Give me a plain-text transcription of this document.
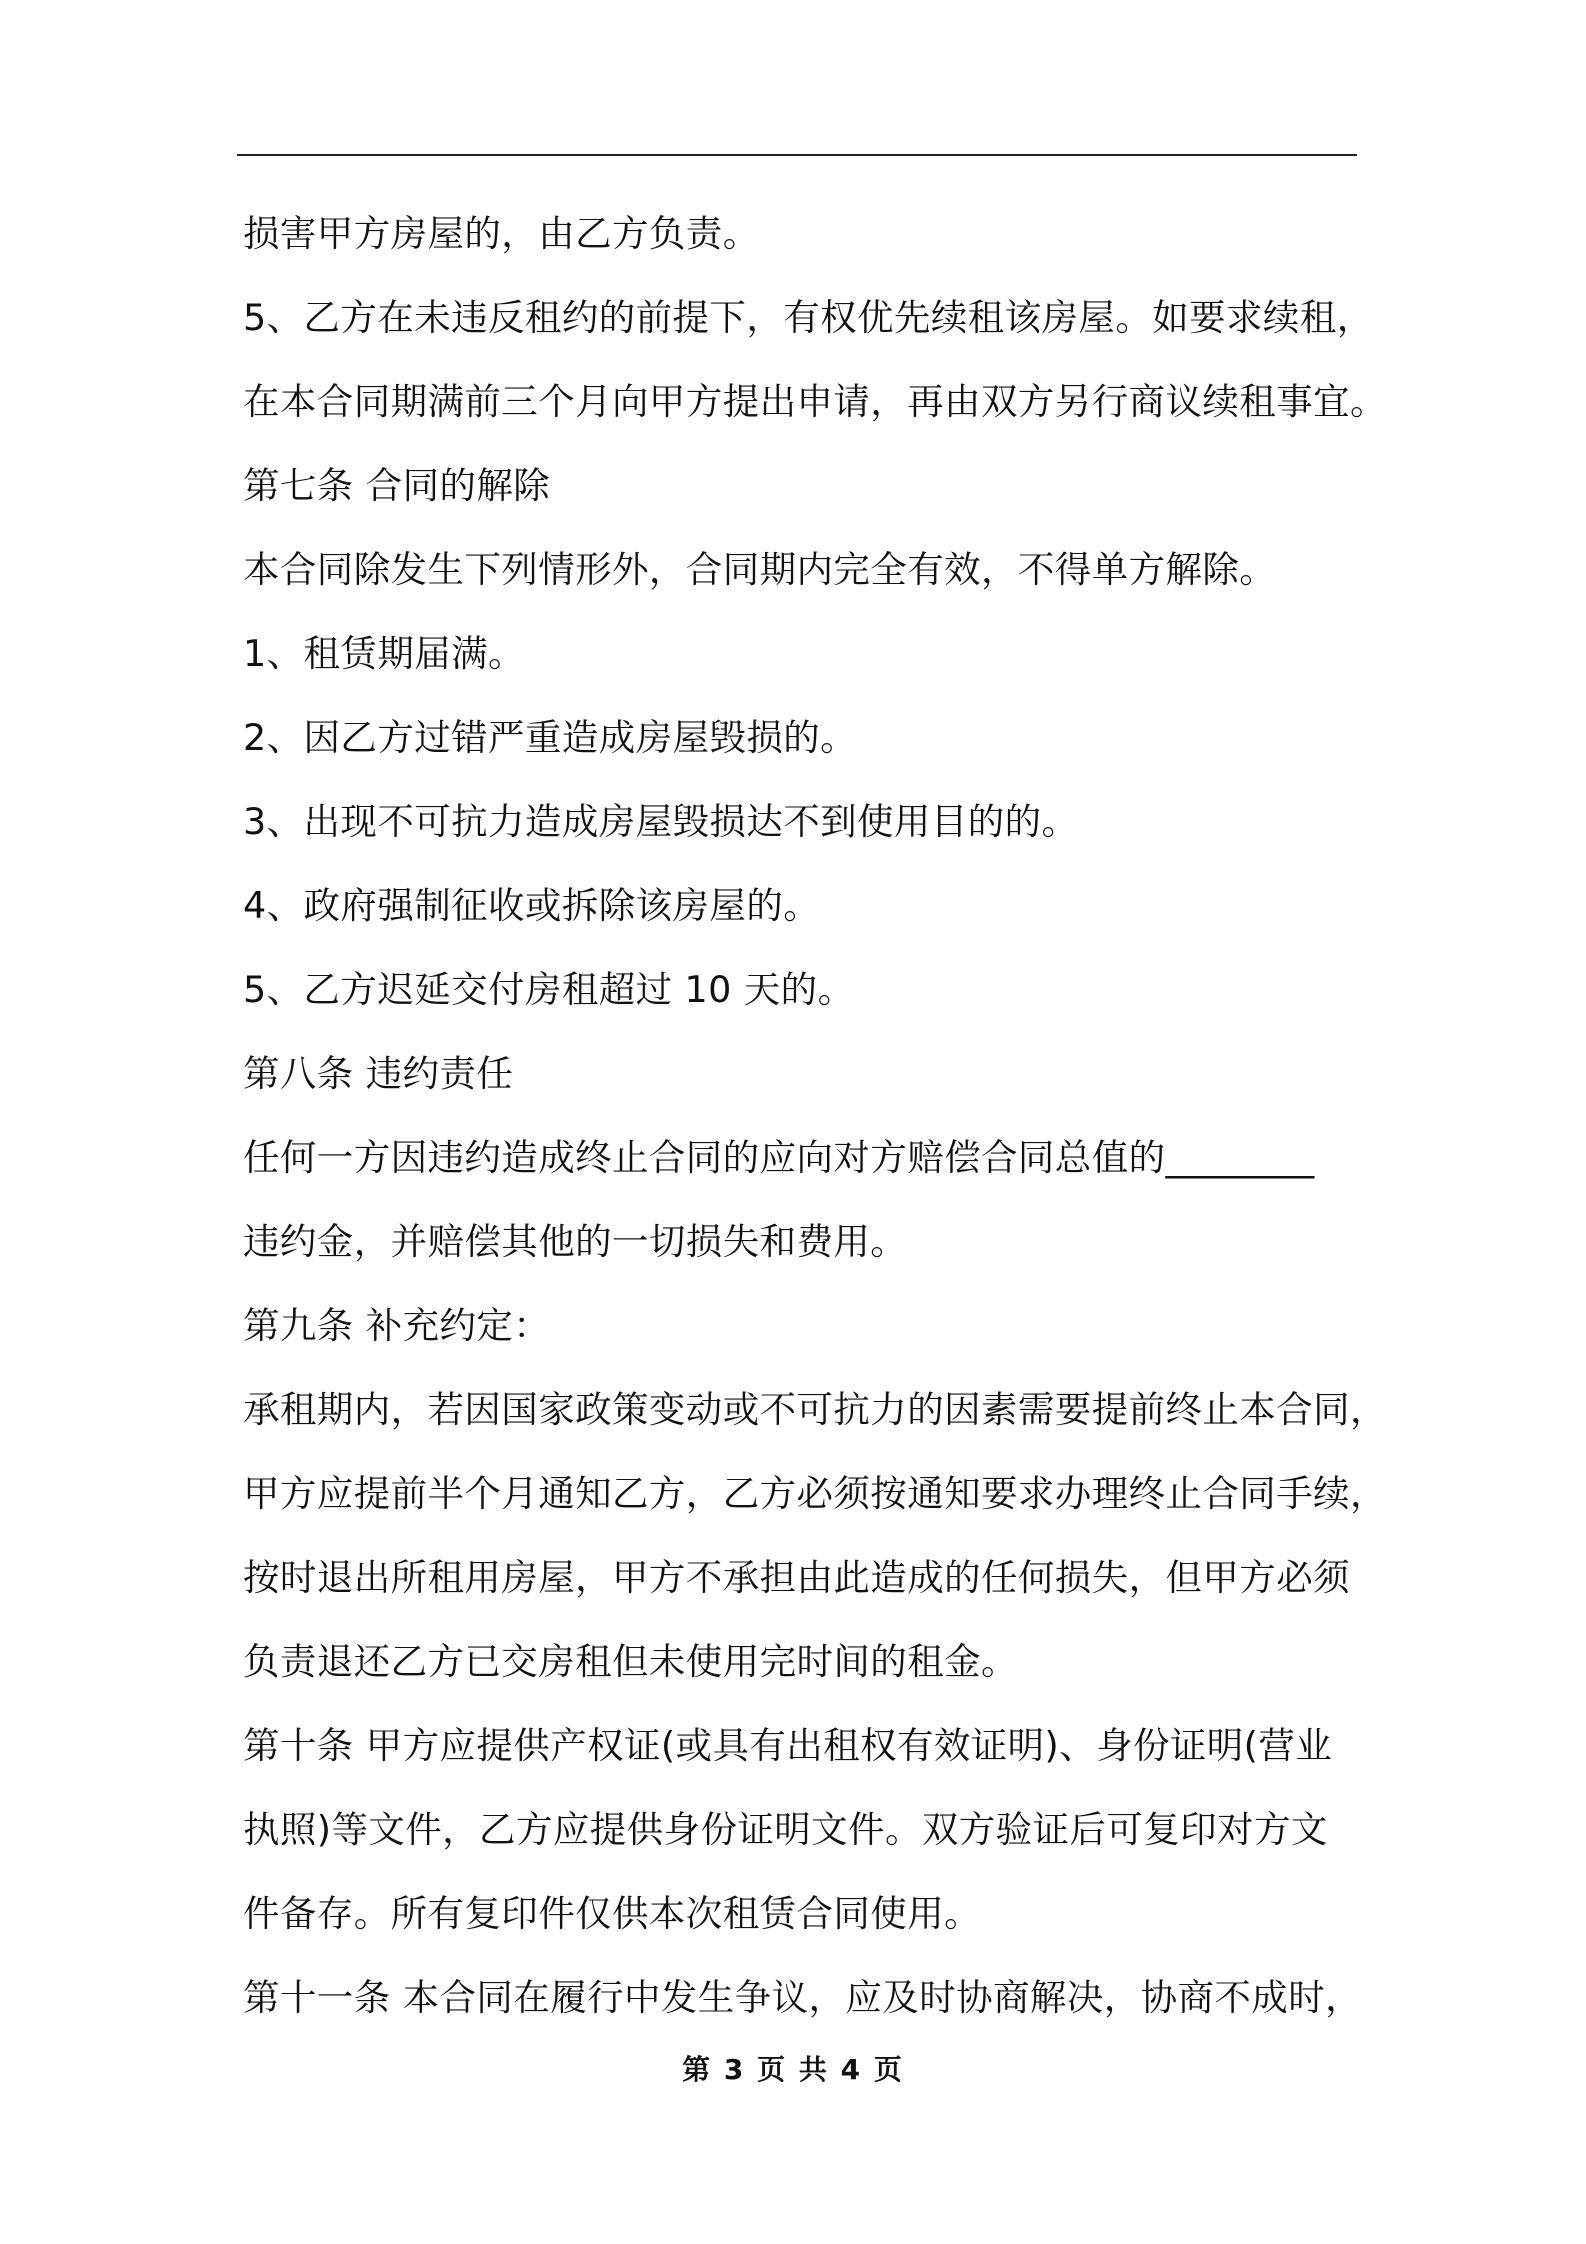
损害甲方房屋的，由乙方负责。
5、乙方在未违反租约的前提下，有权优先续租该房屋。如要求续租，
在本合同期满前三个月向甲方提出申请，再由双方另行商议续租事宜。
第七条 合同的解除
本合同除发生下列情形外，合同期内完全有效，不得单方解除。
1、租赁期届满。
2、因乙方过错严重造成房屋毁损的。
3、出现不可抗力造成房屋毁损达不到使用目的的。
4、政府强制征收或拆除该房屋的。
5、乙方迟延交付房租超过 10 天的。
第八条 违约责任
任何一方因违约造成终止合同的应向对方赔偿合同总值的________
违约金，并赔偿其他的一切损失和费用。
第九条 补充约定：
承租期内，若因国家政策变动或不可抗力的因素需要提前终止本合同，
甲方应提前半个月通知乙方，乙方必须按通知要求办理终止合同手续，
按时退出所租用房屋，甲方不承担由此造成的任何损失，但甲方必须
负责退还乙方已交房租但未使用完时间的租金。
第十条 甲方应提供产权证(或具有出租权有效证明)、身份证明(营业
执照)等文件，乙方应提供身份证明文件。双方验证后可复印对方文
件备存。所有复印件仅供本次租赁合同使用。
第十一条 本合同在履行中发生争议，应及时协商解决，协商不成时，
第 3 页 共 4 页
